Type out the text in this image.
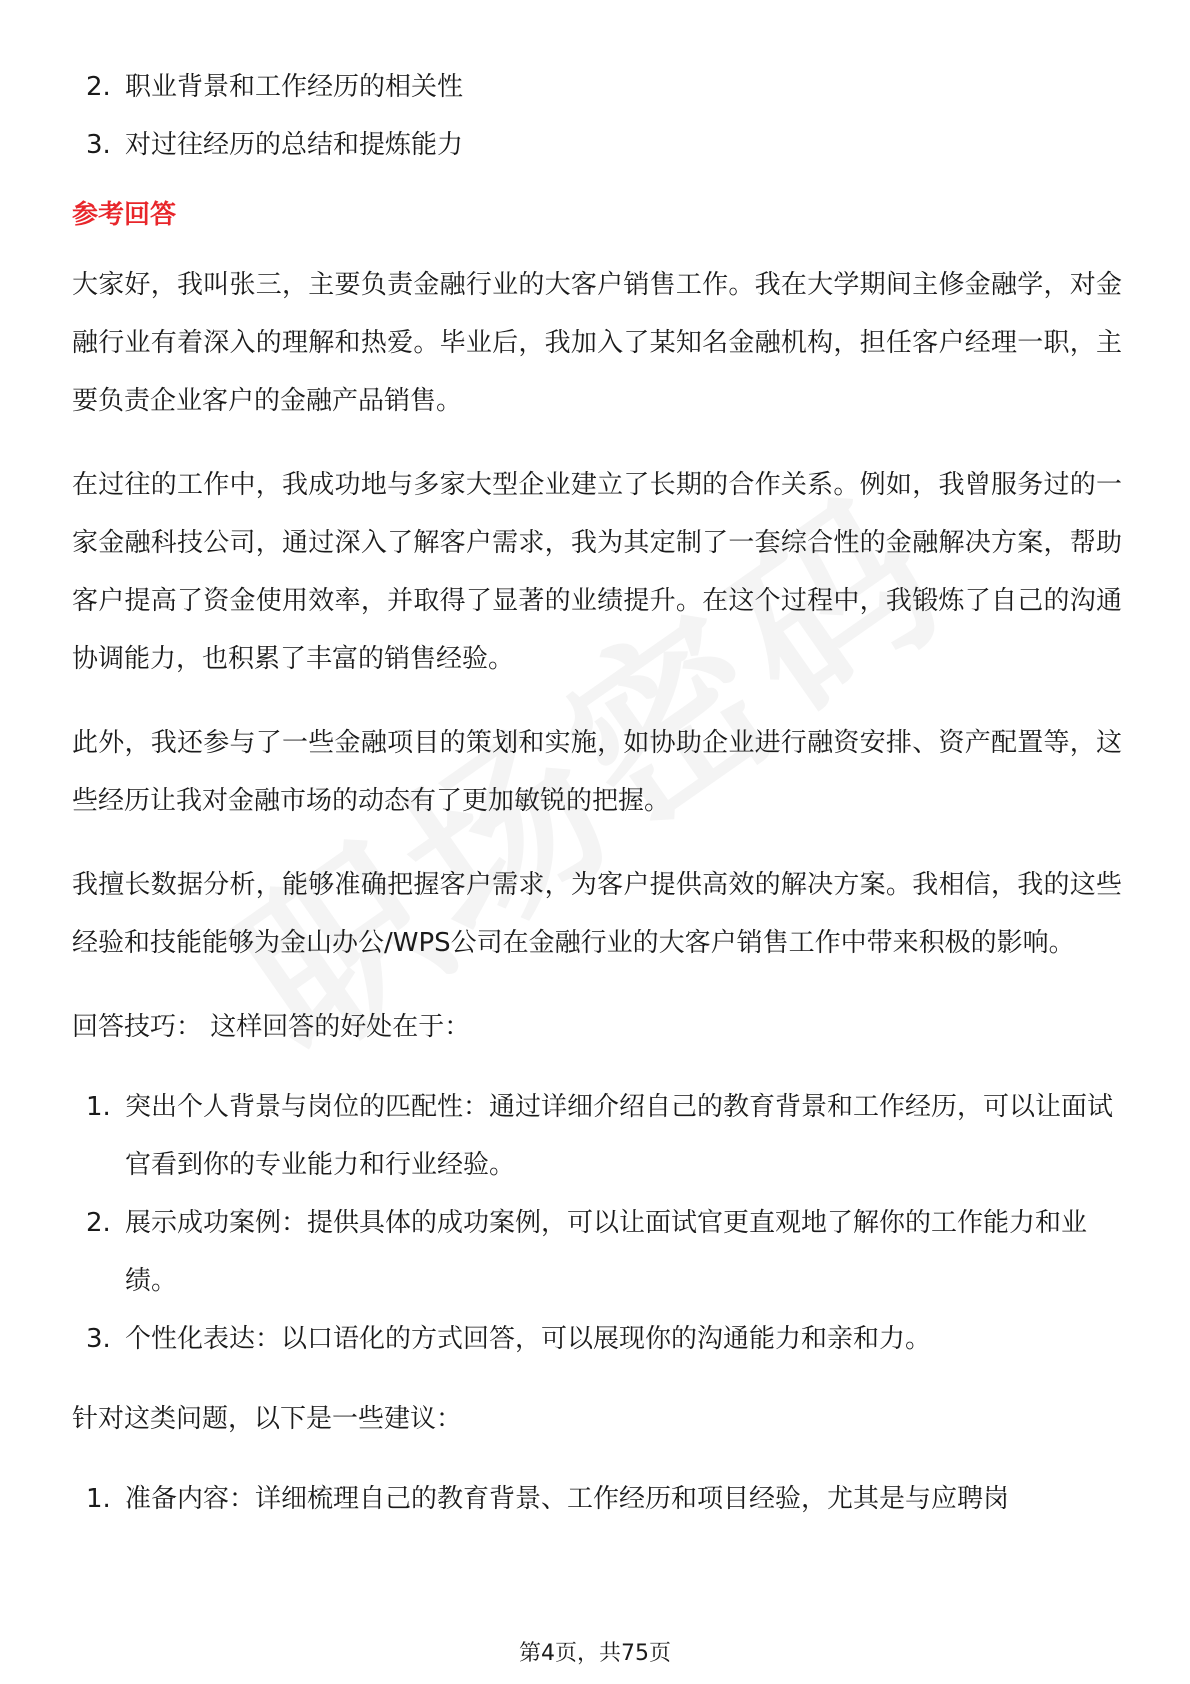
2. 职业背景和工作经历的相关性
3. 对过往经历的总结和提炼能力
参考回答

大家好，我叫张三，主要负责金融行业的大客户销售工作。我在大学期间主修金融学，对金融行业有着深入的理解和热爱。毕业后，我加入了某知名金融机构，担任客户经理一职，主要负责企业客户的金融产品销售。

在过往的工作中，我成功地与多家大型企业建立了长期的合作关系。例如，我曾服务过的一家金融科技公司，通过深入了解客户需求，我为其定制了一套综合性的金融解决方案，帮助客户提高了资金使用效率，并取得了显著的业绩提升。在这个过程中，我锻炼了自己的沟通协调能力，也积累了丰富的销售经验。

此外，我还参与了一些金融项目的策划和实施，如协助企业进行融资安排、资产配置等，这些经历让我对金融市场的动态有了更加敏锐的把握。

我擅长数据分析，能够准确把握客户需求，为客户提供高效的解决方案。我相信，我的这些经验和技能能够为金山办公/WPS公司在金融行业的大客户销售工作中带来积极的影响。

回答技巧： 这样回答的好处在于：
1. 突出个人背景与岗位的匹配性：通过详细介绍自己的教育背景和工作经历，可以让面试官看到你的专业能力和行业经验。
2. 展示成功案例：提供具体的成功案例，可以让面试官更直观地了解你的工作能力和业绩。
3. 个性化表达：以口语化的方式回答，可以展现你的沟通能力和亲和力。
针对这类问题，以下是一些建议：
1. 准备内容：详细梳理自己的教育背景、工作经历和项目经验，尤其是与应聘岗
第4页，共75页
